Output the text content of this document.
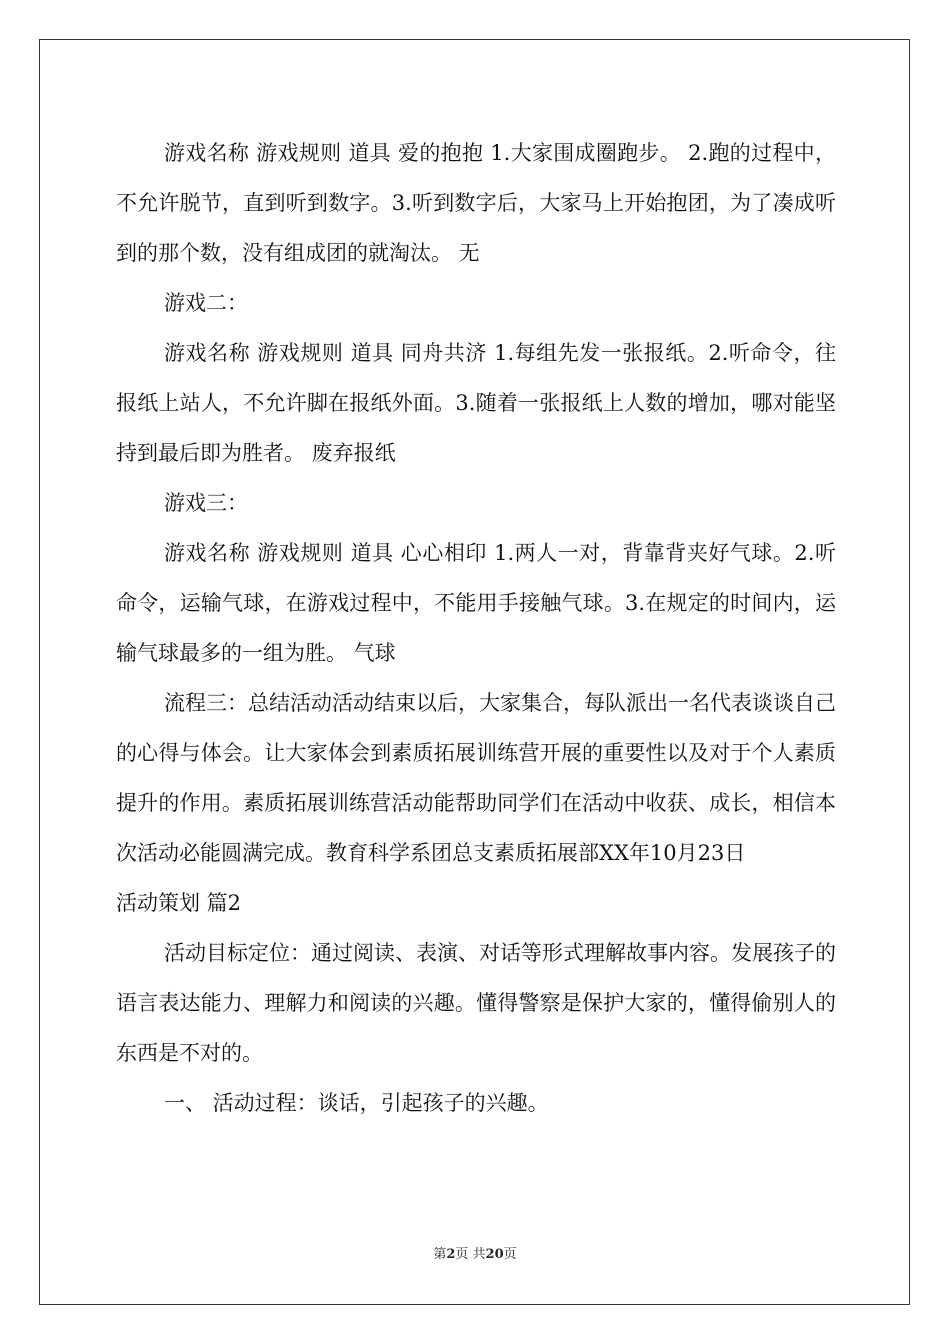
游戏名称 游戏规则 道具 爱的抱抱 1.大家围成圈跑步。 2.跑的过程中，不允许脱节，直到听到数字。3.听到数字后，大家马上开始抱团，为了凑成听到的那个数，没有组成团的就淘汰。 无

游戏二：

游戏名称 游戏规则 道具 同舟共济 1.每组先发一张报纸。2.听命令，往报纸上站人，不允许脚在报纸外面。3.随着一张报纸上人数的增加，哪对能坚持到最后即为胜者。 废弃报纸

游戏三：

游戏名称 游戏规则 道具 心心相印 1.两人一对，背靠背夹好气球。2.听命令，运输气球，在游戏过程中，不能用手接触气球。3.在规定的时间内，运输气球最多的一组为胜。 气球

流程三：总结活动活动结束以后，大家集合，每队派出一名代表谈谈自己的心得与体会。让大家体会到素质拓展训练营开展的重要性以及对于个人素质提升的作用。素质拓展训练营活动能帮助同学们在活动中收获、成长，相信本次活动必能圆满完成。教育科学系团总支素质拓展部XX年10月23日

活动策划 篇2

活动目标定位：通过阅读、表演、对话等形式理解故事内容。发展孩子的语言表达能力、理解力和阅读的兴趣。懂得警察是保护大家的，懂得偷别人的东西是不对的。

一、 活动过程：谈话，引起孩子的兴趣。

第2页 共20页
